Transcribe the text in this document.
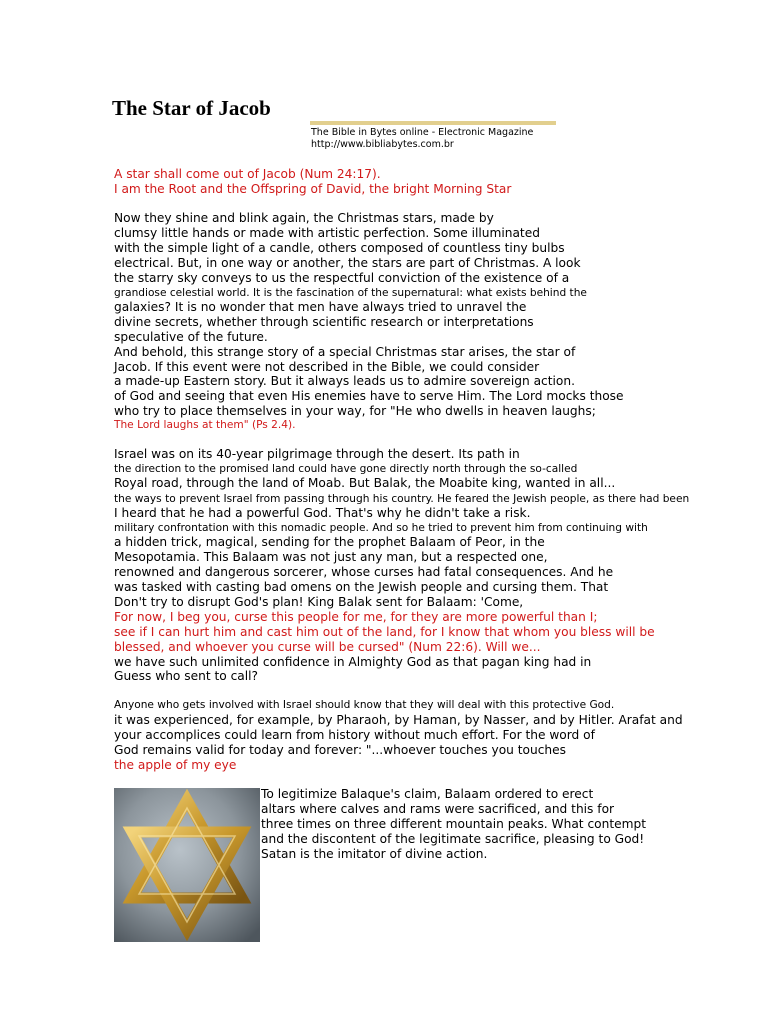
The Star of Jacob
The Bible in Bytes online - Electronic Magazine
http://www.bibliabytes.com.br
A star shall come out of Jacob (Num 24:17).
I am the Root and the Offspring of David, the bright Morning Star
Now they shine and blink again, the Christmas stars, made by
clumsy little hands or made with artistic perfection. Some illuminated
with the simple light of a candle, others composed of countless tiny bulbs
electrical. But, in one way or another, the stars are part of Christmas. A look
the starry sky conveys to us the respectful conviction of the existence of a
grandiose celestial world. It is the fascination of the supernatural: what exists behind the
galaxies? It is no wonder that men have always tried to unravel the
divine secrets, whether through scientific research or interpretations
speculative of the future.
And behold, this strange story of a special Christmas star arises, the star of
Jacob. If this event were not described in the Bible, we could consider
a made-up Eastern story. But it always leads us to admire sovereign action.
of God and seeing that even His enemies have to serve Him. The Lord mocks those
who try to place themselves in your way, for "He who dwells in heaven laughs;
The Lord laughs at them" (Ps 2.4).
Israel was on its 40-year pilgrimage through the desert. Its path in
the direction to the promised land could have gone directly north through the so-called
Royal road, through the land of Moab. But Balak, the Moabite king, wanted in all...
the ways to prevent Israel from passing through his country. He feared the Jewish people, as there had been
I heard that he had a powerful God. That's why he didn't take a risk.
military confrontation with this nomadic people. And so he tried to prevent him from continuing with
a hidden trick, magical, sending for the prophet Balaam of Peor, in the
Mesopotamia. This Balaam was not just any man, but a respected one,
renowned and dangerous sorcerer, whose curses had fatal consequences. And he
was tasked with casting bad omens on the Jewish people and cursing them. That
Don't try to disrupt God's plan! King Balak sent for Balaam: 'Come,
For now, I beg you, curse this people for me, for they are more powerful than I;
see if I can hurt him and cast him out of the land, for I know that whom you bless will be
blessed, and whoever you curse will be cursed" (Num 22:6). Will we...
we have such unlimited confidence in Almighty God as that pagan king had in
Guess who sent to call?
Anyone who gets involved with Israel should know that they will deal with this protective God.
it was experienced, for example, by Pharaoh, by Haman, by Nasser, and by Hitler. Arafat and
your accomplices could learn from history without much effort. For the word of
God remains valid for today and forever: "...whoever touches you touches
the apple of my eye
To legitimize Balaque's claim, Balaam ordered to erect
altars where calves and rams were sacrificed, and this for
three times on three different mountain peaks. What contempt
and the discontent of the legitimate sacrifice, pleasing to God!
Satan is the imitator of divine action.
